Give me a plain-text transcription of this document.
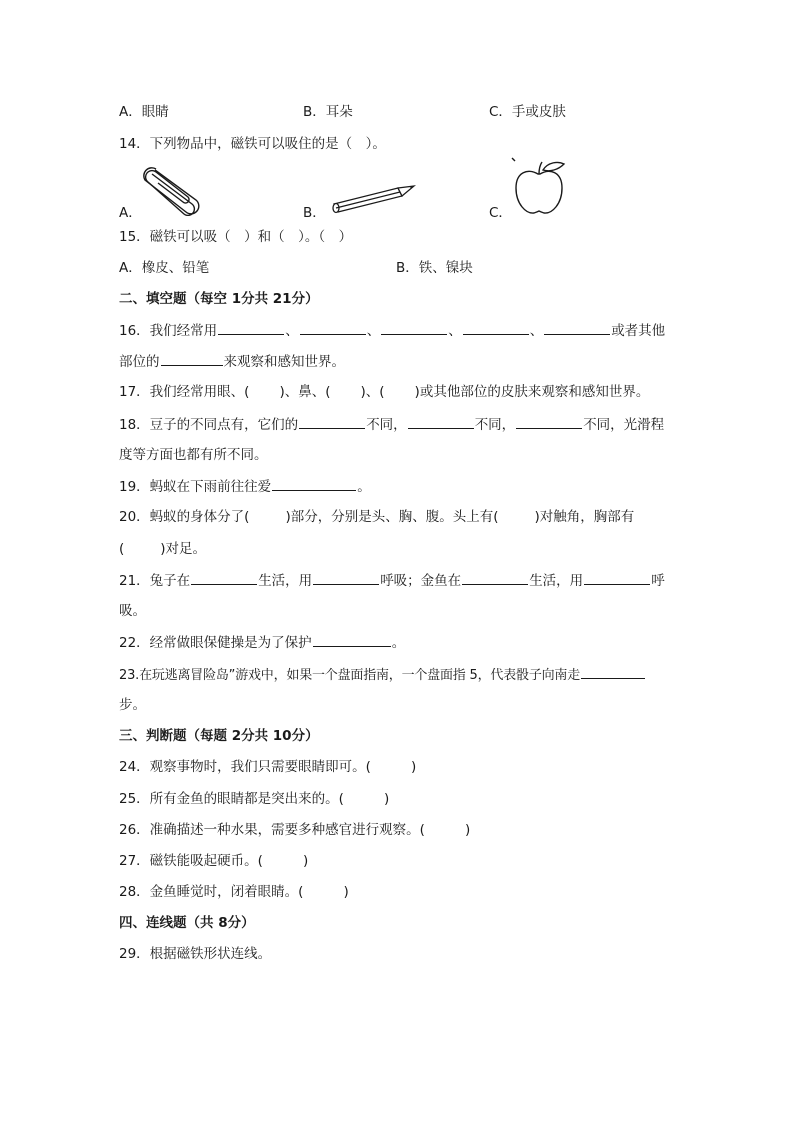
A．眼睛	B．耳朵	C．手或皮肤
14．下列物品中，磁铁可以吸住的是（　）。
A．	B．	C．
15．磁铁可以吸（　）和（　）。（　）
A．橡皮、铅笔	B．铁、镍块
二、填空题（每空 1分共 21分）
16．我们经常用	、	、	、	、	或者其他
部位的	来观察和感知世界。
17．我们经常用眼、( )、鼻、( )、( )或其他部位的皮肤来观察和感知世界。
18．豆子的不同点有，它们的	不同，	不同，	不同，光滑程
度等方面也都有所不同。
19．蚂蚁在下雨前往往爱	。
20．蚂蚁的身体分了(	)部分，分别是头、胸、腹。头上有(	)对触角，胸部有
(	)对足。
21．兔子在	生活，用	呼吸；金鱼在	生活，用	呼
吸。
22．经常做眼保健操是为了保护	。
23.在玩逃离冒险岛”游戏中，如果一个盘面指南，一个盘面指 5，代表骰子向南走
步。
三、判断题（每题 2分共 10分）
24．观察事物时，我们只需要眼睛即可。(	)
25．所有金鱼的眼睛都是突出来的。(	)
26．准确描述一种水果，需要多种感官进行观察。(	)
27．磁铁能吸起硬币。(	)
28．金鱼睡觉时，闭着眼睛。(	)
四、连线题（共 8分）
29．根据磁铁形状连线。
